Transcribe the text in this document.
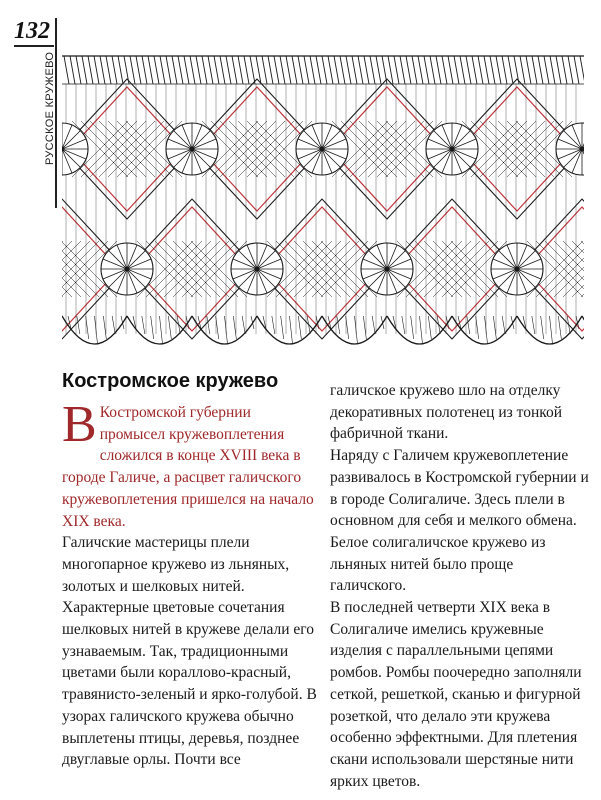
132
РУССКОЕ КРУЖЕВО
Костромское кружево

В Костромской губернии промысел кружевоплетения сложился в конце XVIII века в городе Галиче, а расцвет галичского кружевоплетения пришелся на начало XIX века.

Галичские мастерицы плели многопарное кружево из льняных, золотых и шелковых нитей. Характерные цветовые сочетания шелковых нитей в кружеве делали его узнаваемым. Так, традиционными цветами были кораллово-красный, травянисто-зеленый и ярко-голубой. В узорах галичского кружева обычно выплетены птицы, деревья, позднее двуглавые орлы. Почти все

галичское кружево шло на отделку декоративных полотенец из тонкой фабричной ткани.

Наряду с Галичем кружевоплетение развивалось в Костромской губернии и в городе Солигаличе. Здесь плели в основном для себя и мелкого обмена. Белое солигаличское кружево из льняных нитей было проще галичского.

В последней четверти XIX века в Солигаличе имелись кружевные изделия с параллельными цепями ромбов. Ромбы поочередно заполняли сеткой, решеткой, сканью и фигурной розеткой, что делало эти кружева особенно эффектными. Для плетения скани использовали шерстяные нити ярких цветов.
